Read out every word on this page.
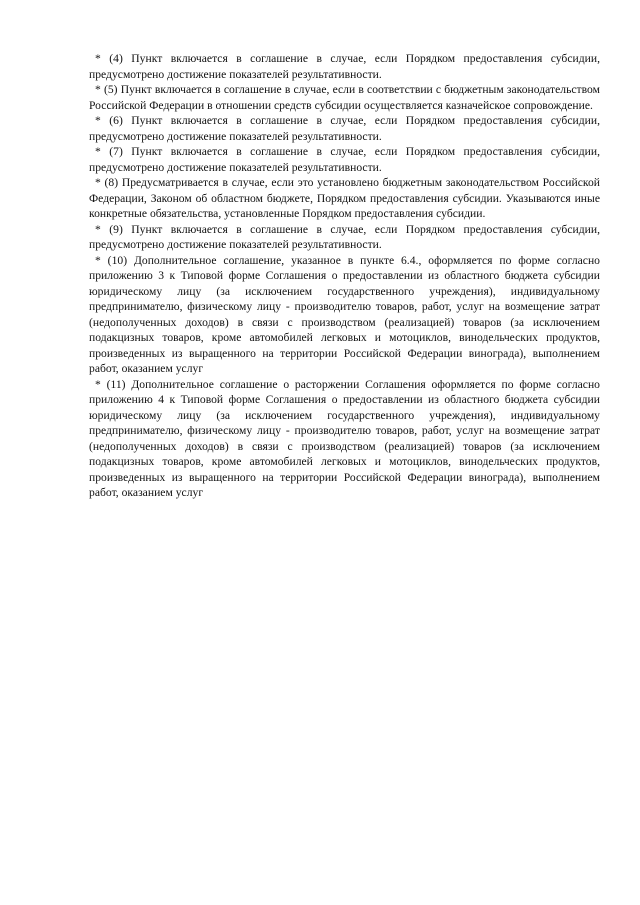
* (4) Пункт включается в соглашение в случае, если Порядком предоставления субсидии, предусмотрено достижение показателей результативности.

* (5) Пункт включается в соглашение в случае, если в соответствии с бюджетным законодательством Российской Федерации в отношении средств субсидии осуществляется казначейское сопровождение.

* (6) Пункт включается в соглашение в случае, если Порядком предоставления субсидии, предусмотрено достижение показателей результативности.

* (7) Пункт включается в соглашение в случае, если Порядком предоставления субсидии, предусмотрено достижение показателей результативности.

* (8) Предусматривается в случае, если это установлено бюджетным законодательством Российской Федерации, Законом об областном бюджете, Порядком предоставления субсидии. Указываются иные конкретные обязательства, установленные Порядком предоставления субсидии.

* (9) Пункт включается в соглашение в случае, если Порядком предоставления субсидии, предусмотрено достижение показателей результативности.

* (10) Дополнительное соглашение, указанное в пункте 6.4., оформляется по форме согласно приложению 3 к Типовой форме Соглашения о предоставлении из областного бюджета субсидии юридическому лицу (за исключением государственного учреждения), индивидуальному предпринимателю, физическому лицу - производителю товаров, работ, услуг на возмещение затрат (недополученных доходов) в связи с производством (реализацией) товаров (за исключением подакцизных товаров, кроме автомобилей легковых и мотоциклов, винодельческих продуктов, произведенных из выращенного на территории Российской Федерации винограда), выполнением работ, оказанием услуг

* (11) Дополнительное соглашение о расторжении Соглашения оформляется по форме согласно приложению 4 к Типовой форме Соглашения о предоставлении из областного бюджета субсидии юридическому лицу (за исключением государственного учреждения), индивидуальному предпринимателю, физическому лицу - производителю товаров, работ, услуг на возмещение затрат (недополученных доходов) в связи с производством (реализацией) товаров (за исключением подакцизных товаров, кроме автомобилей легковых и мотоциклов, винодельческих продуктов, произведенных из выращенного на территории Российской Федерации винограда), выполнением работ, оказанием услуг
